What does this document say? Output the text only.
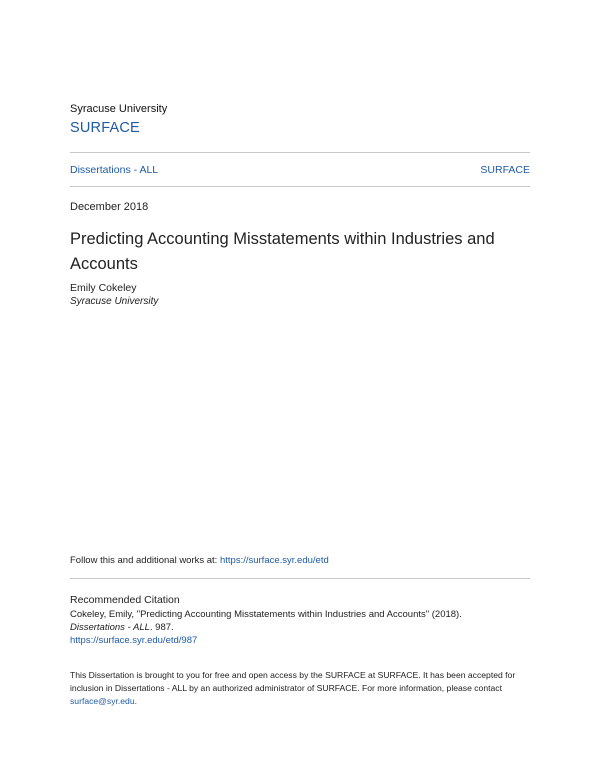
Syracuse University
SURFACE
Dissertations - ALL	SURFACE
December 2018
Predicting Accounting Misstatements within Industries and Accounts
Emily Cokeley
Syracuse University
Follow this and additional works at: https://surface.syr.edu/etd
Recommended Citation
Cokeley, Emily, "Predicting Accounting Misstatements within Industries and Accounts" (2018).
Dissertations - ALL. 987.
https://surface.syr.edu/etd/987
This Dissertation is brought to you for free and open access by the SURFACE at SURFACE. It has been accepted for inclusion in Dissertations - ALL by an authorized administrator of SURFACE. For more information, please contact surface@syr.edu.
